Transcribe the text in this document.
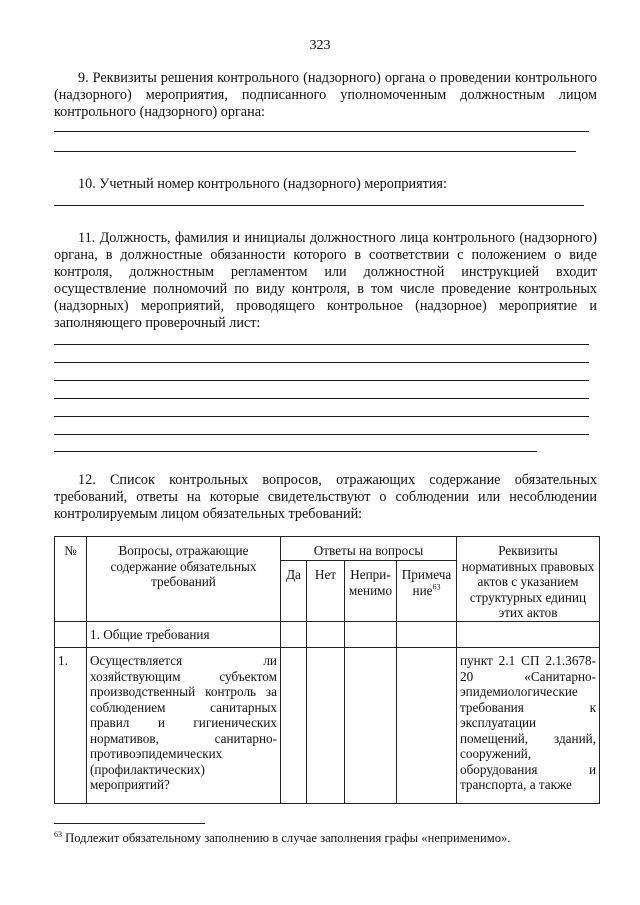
323
9. Реквизиты решения контрольного (надзорного) органа о проведении контрольного (надзорного) мероприятия, подписанного уполномоченным должностным лицом контрольного (надзорного) органа:
10. Учетный номер контрольного (надзорного) мероприятия:
11. Должность, фамилия и инициалы должностного лица контрольного (надзорного) органа, в должностные обязанности которого в соответствии с положением о виде контроля, должностным регламентом или должностной инструкцией входит осуществление полномочий по виду контроля, в том числе проведение контрольных (надзорных) мероприятий, проводящего контрольное (надзорное) мероприятие и заполняющего проверочный лист:
12. Список контрольных вопросов, отражающих содержание обязательных требований, ответы на которые свидетельствуют о соблюдении или несоблюдении контролируемым лицом обязательных требований:
№	Вопросы, отражающие содержание обязательных требований	Ответы на вопросы				Реквизиты нормативных правовых актов с указанием структурных единиц этих актов
		Да	Нет	Непри-менимо	Примеча ние$^{63}$
	1. Общие требования					
1.	Осуществляется ли хозяйствующим субъектом производственный контроль за соблюдением санитарных правил и гигиенических нормативов, санитарно-противоэпидемических (профилактических) мероприятий?					пункт 2.1 СП 2.1.3678-20 «Санитарно-эпидемиологические требования к эксплуатации помещений, зданий, сооружений, оборудования и транспорта, а также
$^{63}$ Подлежит обязательному заполнению в случае заполнения графы «неприменимо».
